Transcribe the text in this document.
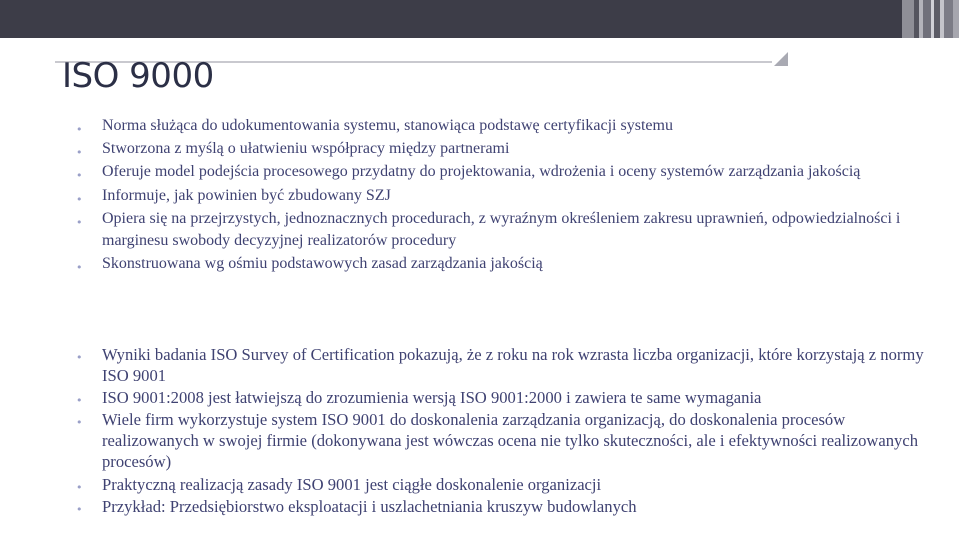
ISO 9000
• Norma służąca do udokumentowania systemu, stanowiąca podstawę certyfikacji systemu
• Stworzona z myślą o ułatwieniu współpracy między partnerami
• Oferuje model podejścia procesowego przydatny do projektowania, wdrożenia i oceny systemów zarządzania jakością
• Informuje, jak powinien być zbudowany SZJ
• Opiera się na przejrzystych, jednoznacznych procedurach, z wyraźnym określeniem zakresu uprawnień, odpowiedzialności i marginesu swobody decyzyjnej realizatorów procedury
• Skonstruowana wg ośmiu podstawowych zasad zarządzania jakością
• Wyniki badania ISO Survey of Certification pokazują, że z roku na rok wzrasta liczba organizacji, które korzystają z normy ISO 9001
• ISO 9001:2008 jest łatwiejszą do zrozumienia wersją ISO 9001:2000 i zawiera te same wymagania
• Wiele firm wykorzystuje system ISO 9001 do doskonalenia zarządzania organizacją, do doskonalenia procesów realizowanych w swojej firmie (dokonywana jest wówczas ocena nie tylko skuteczności, ale i efektywności realizowanych procesów)
• Praktyczną realizacją zasady ISO 9001 jest ciągłe doskonalenie organizacji
• Przykład: Przedsiębiorstwo eksploatacji i uszlachetniania kruszyw budowlanych
